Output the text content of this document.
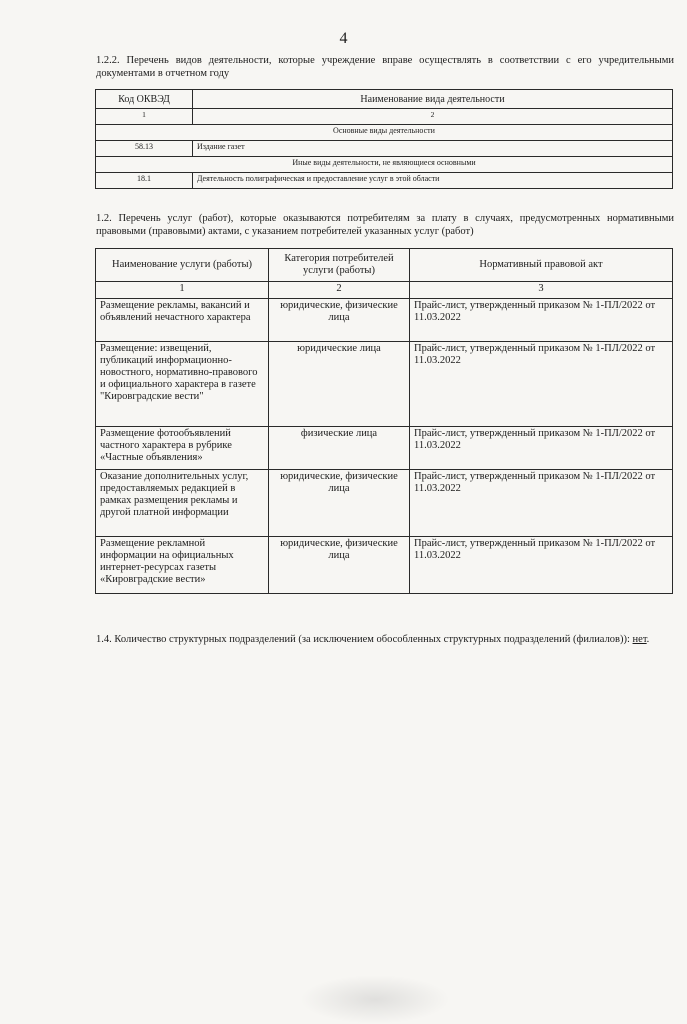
4
1.2.2. Перечень видов деятельности, которые учреждение вправе осуществлять в соответствии с его учредительными документами в отчетном году
Код ОКВЭД	Наименование вида деятельности
1	2
Основные виды деятельности	
58.13	Издание газет
Иные виды деятельности, не являющиеся основными	
18.1	Деятельность полиграфическая и предоставление услуг в этой области
1.2. Перечень услуг (работ), которые оказываются потребителям за плату в случаях, предусмотренных нормативными правовыми (правовыми) актами, с указанием потребителей указанных услуг (работ)
Наименование услуги (работы)	Категория потребителей услуги (работы)	Нормативный правовой акт
1	2	3
Размещение рекламы, вакансий и объявлений нечастного характера	юридические, физические лица	Прайс-лист, утвержденный приказом № 1-ПЛ/2022 от 11.03.2022
Размещение: извещений, публикаций информационно-новостного, нормативно-правового и официального характера в газете "Кировградские вести"	юридические лица	Прайс-лист, утвержденный приказом № 1-ПЛ/2022 от 11.03.2022
Размещение фотообъявлений частного характера в рубрике «Частные объявления»	физические лица	Прайс-лист, утвержденный приказом № 1-ПЛ/2022 от 11.03.2022
Оказание дополнительных услуг, предоставляемых редакцией в рамках размещения рекламы и другой платной информации	юридические, физические лица	Прайс-лист, утвержденный приказом № 1-ПЛ/2022 от 11.03.2022
Размещение рекламной информации на официальных интернет-ресурсах газеты «Кировградские вести»	юридические, физические лица	Прайс-лист, утвержденный приказом № 1-ПЛ/2022 от 11.03.2022
1.4. Количество структурных подразделений (за исключением обособленных структурных подразделений (филиалов)): нет.
